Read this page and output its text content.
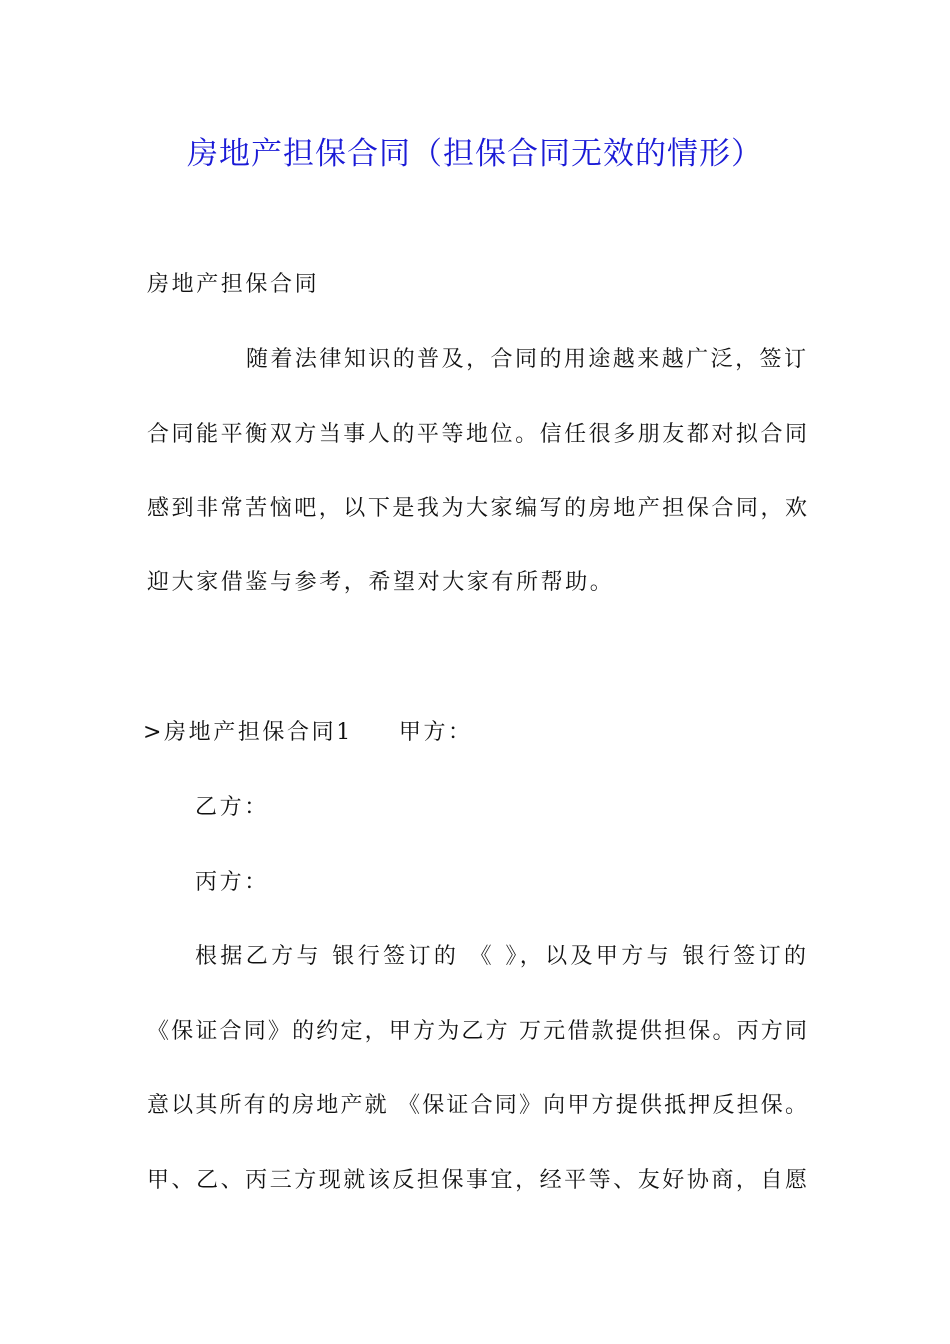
房地产担保合同（担保合同无效的情形）
房地产担保合同
随着法律知识的普及，合同的用途越来越广泛，签订
合同能平衡双方当事人的平等地位。信任很多朋友都对拟合同
感到非常苦恼吧，以下是我为大家编写的房地产担保合同，欢
迎大家借鉴与参考，希望对大家有所帮助。
>房地产担保合同1 甲方：
乙方：
丙方：
根据乙方与 银行签订的 《 》，以及甲方与 银行签订的
《保证合同》的约定，甲方为乙方 万元借款提供担保。丙方同
意以其所有的房地产就 《保证合同》向甲方提供抵押反担保。
甲、乙、丙三方现就该反担保事宜，经平等、友好协商，自愿
